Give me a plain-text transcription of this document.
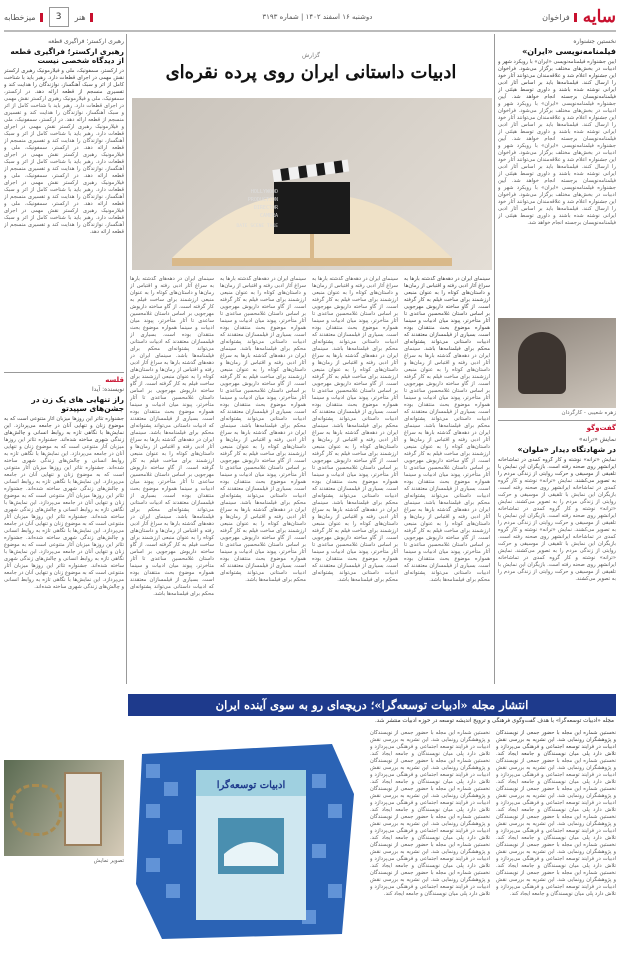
سایه
فراخوان
دوشنبه ۱۶ اسفند ۱۴۰۲ | شماره ۳۱۹۳
هنر
3
میزخطابه
نخستین جشنواره
فیلمنامه‌نویسی «ایران»
آیین جشنواره فیلمنامه‌نویسی «ایران» با رویکرد شهر و ادبیات در بخش‌های مختلف برگزار می‌شود. فراخوان این جشنواره اعلام شد و علاقه‌مندان می‌توانند آثار خود را ارسال کنند. فیلمنامه‌ها باید بر اساس آثار ادبی ایرانی نوشته شده باشند و داوری توسط هیئتی از فیلمنامه‌نویسان برجسته انجام خواهد شد. آیین جشنواره فیلمنامه‌نویسی «ایران» با رویکرد شهر و ادبیات در بخش‌های مختلف برگزار می‌شود. فراخوان این جشنواره اعلام شد و علاقه‌مندان می‌توانند آثار خود را ارسال کنند. فیلمنامه‌ها باید بر اساس آثار ادبی ایرانی نوشته شده باشند و داوری توسط هیئتی از فیلمنامه‌نویسان برجسته انجام خواهد شد. آیین جشنواره فیلمنامه‌نویسی «ایران» با رویکرد شهر و ادبیات در بخش‌های مختلف برگزار می‌شود. فراخوان این جشنواره اعلام شد و علاقه‌مندان می‌توانند آثار خود را ارسال کنند. فیلمنامه‌ها باید بر اساس آثار ادبی ایرانی نوشته شده باشند و داوری توسط هیئتی از فیلمنامه‌نویسان برجسته انجام خواهد شد. آیین جشنواره فیلمنامه‌نویسی «ایران» با رویکرد شهر و ادبیات در بخش‌های مختلف برگزار می‌شود. فراخوان این جشنواره اعلام شد و علاقه‌مندان می‌توانند آثار خود را ارسال کنند. فیلمنامه‌ها باید بر اساس آثار ادبی ایرانی نوشته شده باشند و داوری توسط هیئتی از فیلمنامه‌نویسان برجسته انجام خواهد شد.
زهره شعیبی - کارگردان
گفت‌وگو
نمایش «ترانه»
در شهادتگاه دیدار «ملوان»
نمایش «ترانه» نوشته و کار گروه کمدی در تماشاخانه ایرانشهر روی صحنه رفته است. بازیگران این نمایش با تلفیقی از موسیقی و حرکت روایتی از زندگی مردم را به تصویر می‌کشند. نمایش «ترانه» نوشته و کار گروه کمدی در تماشاخانه ایرانشهر روی صحنه رفته است. بازیگران این نمایش با تلفیقی از موسیقی و حرکت روایتی از زندگی مردم را به تصویر می‌کشند. نمایش «ترانه» نوشته و کار گروه کمدی در تماشاخانه ایرانشهر روی صحنه رفته است. بازیگران این نمایش با تلفیقی از موسیقی و حرکت روایتی از زندگی مردم را به تصویر می‌کشند. نمایش «ترانه» نوشته و کار گروه کمدی در تماشاخانه ایرانشهر روی صحنه رفته است. بازیگران این نمایش با تلفیقی از موسیقی و حرکت روایتی از زندگی مردم را به تصویر می‌کشند. نمایش «ترانه» نوشته و کار گروه کمدی در تماشاخانه ایرانشهر روی صحنه رفته است. بازیگران این نمایش با تلفیقی از موسیقی و حرکت روایتی از زندگی مردم را به تصویر می‌کشند.
رهبری ارکستر؛ فراگیری قطعه
رهبری ارکستر؛ فراگیری قطعه از دیدگاه شخصی نیست
در ارکستر، سمفونیک، ملی و فیلارمونیک رهبری ارکستر نقش مهمی در اجرای قطعات دارد. رهبر باید با شناخت کامل از اثر و سبک آهنگساز، نوازندگان را هدایت کند و تفسیری منسجم از قطعه ارائه دهد. در ارکستر، سمفونیک، ملی و فیلارمونیک رهبری ارکستر نقش مهمی در اجرای قطعات دارد. رهبر باید با شناخت کامل از اثر و سبک آهنگساز، نوازندگان را هدایت کند و تفسیری منسجم از قطعه ارائه دهد. در ارکستر، سمفونیک، ملی و فیلارمونیک رهبری ارکستر نقش مهمی در اجرای قطعات دارد. رهبر باید با شناخت کامل از اثر و سبک آهنگساز، نوازندگان را هدایت کند و تفسیری منسجم از قطعه ارائه دهد. در ارکستر، سمفونیک، ملی و فیلارمونیک رهبری ارکستر نقش مهمی در اجرای قطعات دارد. رهبر باید با شناخت کامل از اثر و سبک آهنگساز، نوازندگان را هدایت کند و تفسیری منسجم از قطعه ارائه دهد. در ارکستر، سمفونیک، ملی و فیلارمونیک رهبری ارکستر نقش مهمی در اجرای قطعات دارد. رهبر باید با شناخت کامل از اثر و سبک آهنگساز، نوازندگان را هدایت کند و تفسیری منسجم از قطعه ارائه دهد. در ارکستر، سمفونیک، ملی و فیلارمونیک رهبری ارکستر نقش مهمی در اجرای قطعات دارد. رهبر باید با شناخت کامل از اثر و سبک آهنگساز، نوازندگان را هدایت کند و تفسیری منسجم از قطعه ارائه دهد.
قلسه
نویسنده: آیدا
راز تنهایی های یک زن در جشن‌های سپیدتو
جشنواره تئاتر این روزها میزبان آثار متنوعی است که به موضوع زنان و تنهایی آنان در جامعه می‌پردازد. این نمایش‌ها با نگاهی تازه به روابط انسانی و چالش‌های زندگی شهری ساخته شده‌اند. جشنواره تئاتر این روزها میزبان آثار متنوعی است که به موضوع زنان و تنهایی آنان در جامعه می‌پردازد. این نمایش‌ها با نگاهی تازه به روابط انسانی و چالش‌های زندگی شهری ساخته شده‌اند. جشنواره تئاتر این روزها میزبان آثار متنوعی است که به موضوع زنان و تنهایی آنان در جامعه می‌پردازد. این نمایش‌ها با نگاهی تازه به روابط انسانی و چالش‌های زندگی شهری ساخته شده‌اند. جشنواره تئاتر این روزها میزبان آثار متنوعی است که به موضوع زنان و تنهایی آنان در جامعه می‌پردازد. این نمایش‌ها با نگاهی تازه به روابط انسانی و چالش‌های زندگی شهری ساخته شده‌اند. جشنواره تئاتر این روزها میزبان آثار متنوعی است که به موضوع زنان و تنهایی آنان در جامعه می‌پردازد. این نمایش‌ها با نگاهی تازه به روابط انسانی و چالش‌های زندگی شهری ساخته شده‌اند. جشنواره تئاتر این روزها میزبان آثار متنوعی است که به موضوع زنان و تنهایی آنان در جامعه می‌پردازد. این نمایش‌ها با نگاهی تازه به روابط انسانی و چالش‌های زندگی شهری ساخته شده‌اند. جشنواره تئاتر این روزها میزبان آثار متنوعی است که به موضوع زنان و تنهایی آنان در جامعه می‌پردازد. این نمایش‌ها با نگاهی تازه به روابط انسانی و چالش‌های زندگی شهری ساخته شده‌اند.
تصویر نمایش
گزارش
ادبیات داستانی ایران روی پرده نقره‌ای
HOLLYWOOD
PRODUCTION
DIRECTOR
CAMERA
DATE SCENE TAKE
سینمای ایران در دهه‌های گذشته بارها به سراغ آثار ادبی رفته و اقتباس از رمان‌ها و داستان‌های کوتاه را به عنوان منبعی ارزشمند برای ساخت فیلم به کار گرفته است. از گاو ساخته داریوش مهرجویی بر اساس داستان غلامحسین ساعدی تا آثار متأخرتر، پیوند میان ادبیات و سینما همواره موضوع بحث منتقدان بوده است. بسیاری از فیلمسازان معتقدند که ادبیات داستانی می‌تواند پشتوانه‌ای محکم برای فیلمنامه‌ها باشد. سینمای ایران در دهه‌های گذشته بارها به سراغ آثار ادبی رفته و اقتباس از رمان‌ها و داستان‌های کوتاه را به عنوان منبعی ارزشمند برای ساخت فیلم به کار گرفته است. از گاو ساخته داریوش مهرجویی بر اساس داستان غلامحسین ساعدی تا آثار متأخرتر، پیوند میان ادبیات و سینما همواره موضوع بحث منتقدان بوده است. بسیاری از فیلمسازان معتقدند که ادبیات داستانی می‌تواند پشتوانه‌ای محکم برای فیلمنامه‌ها باشد. سینمای ایران در دهه‌های گذشته بارها به سراغ آثار ادبی رفته و اقتباس از رمان‌ها و داستان‌های کوتاه را به عنوان منبعی ارزشمند برای ساخت فیلم به کار گرفته است. از گاو ساخته داریوش مهرجویی بر اساس داستان غلامحسین ساعدی تا آثار متأخرتر، پیوند میان ادبیات و سینما همواره موضوع بحث منتقدان بوده است. بسیاری از فیلمسازان معتقدند که ادبیات داستانی می‌تواند پشتوانه‌ای محکم برای فیلمنامه‌ها باشد. سینمای ایران در دهه‌های گذشته بارها به سراغ آثار ادبی رفته و اقتباس از رمان‌ها و داستان‌های کوتاه را به عنوان منبعی ارزشمند برای ساخت فیلم به کار گرفته است. از گاو ساخته داریوش مهرجویی بر اساس داستان غلامحسین ساعدی تا آثار متأخرتر، پیوند میان ادبیات و سینما همواره موضوع بحث منتقدان بوده است. بسیاری از فیلمسازان معتقدند که ادبیات داستانی می‌تواند پشتوانه‌ای محکم برای فیلمنامه‌ها باشد.
سینمای ایران در دهه‌های گذشته بارها به سراغ آثار ادبی رفته و اقتباس از رمان‌ها و داستان‌های کوتاه را به عنوان منبعی ارزشمند برای ساخت فیلم به کار گرفته است. از گاو ساخته داریوش مهرجویی بر اساس داستان غلامحسین ساعدی تا آثار متأخرتر، پیوند میان ادبیات و سینما همواره موضوع بحث منتقدان بوده است. بسیاری از فیلمسازان معتقدند که ادبیات داستانی می‌تواند پشتوانه‌ای محکم برای فیلمنامه‌ها باشد. سینمای ایران در دهه‌های گذشته بارها به سراغ آثار ادبی رفته و اقتباس از رمان‌ها و داستان‌های کوتاه را به عنوان منبعی ارزشمند برای ساخت فیلم به کار گرفته است. از گاو ساخته داریوش مهرجویی بر اساس داستان غلامحسین ساعدی تا آثار متأخرتر، پیوند میان ادبیات و سینما همواره موضوع بحث منتقدان بوده است. بسیاری از فیلمسازان معتقدند که ادبیات داستانی می‌تواند پشتوانه‌ای محکم برای فیلمنامه‌ها باشد. سینمای ایران در دهه‌های گذشته بارها به سراغ آثار ادبی رفته و اقتباس از رمان‌ها و داستان‌های کوتاه را به عنوان منبعی ارزشمند برای ساخت فیلم به کار گرفته است. از گاو ساخته داریوش مهرجویی بر اساس داستان غلامحسین ساعدی تا آثار متأخرتر، پیوند میان ادبیات و سینما همواره موضوع بحث منتقدان بوده است. بسیاری از فیلمسازان معتقدند که ادبیات داستانی می‌تواند پشتوانه‌ای محکم برای فیلمنامه‌ها باشد. سینمای ایران در دهه‌های گذشته بارها به سراغ آثار ادبی رفته و اقتباس از رمان‌ها و داستان‌های کوتاه را به عنوان منبعی ارزشمند برای ساخت فیلم به کار گرفته است. از گاو ساخته داریوش مهرجویی بر اساس داستان غلامحسین ساعدی تا آثار متأخرتر، پیوند میان ادبیات و سینما همواره موضوع بحث منتقدان بوده است. بسیاری از فیلمسازان معتقدند که ادبیات داستانی می‌تواند پشتوانه‌ای محکم برای فیلمنامه‌ها باشد.
سینمای ایران در دهه‌های گذشته بارها به سراغ آثار ادبی رفته و اقتباس از رمان‌ها و داستان‌های کوتاه را به عنوان منبعی ارزشمند برای ساخت فیلم به کار گرفته است. از گاو ساخته داریوش مهرجویی بر اساس داستان غلامحسین ساعدی تا آثار متأخرتر، پیوند میان ادبیات و سینما همواره موضوع بحث منتقدان بوده است. بسیاری از فیلمسازان معتقدند که ادبیات داستانی می‌تواند پشتوانه‌ای محکم برای فیلمنامه‌ها باشد. سینمای ایران در دهه‌های گذشته بارها به سراغ آثار ادبی رفته و اقتباس از رمان‌ها و داستان‌های کوتاه را به عنوان منبعی ارزشمند برای ساخت فیلم به کار گرفته است. از گاو ساخته داریوش مهرجویی بر اساس داستان غلامحسین ساعدی تا آثار متأخرتر، پیوند میان ادبیات و سینما همواره موضوع بحث منتقدان بوده است. بسیاری از فیلمسازان معتقدند که ادبیات داستانی می‌تواند پشتوانه‌ای محکم برای فیلمنامه‌ها باشد. سینمای ایران در دهه‌های گذشته بارها به سراغ آثار ادبی رفته و اقتباس از رمان‌ها و داستان‌های کوتاه را به عنوان منبعی ارزشمند برای ساخت فیلم به کار گرفته است. از گاو ساخته داریوش مهرجویی بر اساس داستان غلامحسین ساعدی تا آثار متأخرتر، پیوند میان ادبیات و سینما همواره موضوع بحث منتقدان بوده است. بسیاری از فیلمسازان معتقدند که ادبیات داستانی می‌تواند پشتوانه‌ای محکم برای فیلمنامه‌ها باشد. سینمای ایران در دهه‌های گذشته بارها به سراغ آثار ادبی رفته و اقتباس از رمان‌ها و داستان‌های کوتاه را به عنوان منبعی ارزشمند برای ساخت فیلم به کار گرفته است. از گاو ساخته داریوش مهرجویی بر اساس داستان غلامحسین ساعدی تا آثار متأخرتر، پیوند میان ادبیات و سینما همواره موضوع بحث منتقدان بوده است. بسیاری از فیلمسازان معتقدند که ادبیات داستانی می‌تواند پشتوانه‌ای محکم برای فیلمنامه‌ها باشد.
سینمای ایران در دهه‌های گذشته بارها به سراغ آثار ادبی رفته و اقتباس از رمان‌ها و داستان‌های کوتاه را به عنوان منبعی ارزشمند برای ساخت فیلم به کار گرفته است. از گاو ساخته داریوش مهرجویی بر اساس داستان غلامحسین ساعدی تا آثار متأخرتر، پیوند میان ادبیات و سینما همواره موضوع بحث منتقدان بوده است. بسیاری از فیلمسازان معتقدند که ادبیات داستانی می‌تواند پشتوانه‌ای محکم برای فیلمنامه‌ها باشد. سینمای ایران در دهه‌های گذشته بارها به سراغ آثار ادبی رفته و اقتباس از رمان‌ها و داستان‌های کوتاه را به عنوان منبعی ارزشمند برای ساخت فیلم به کار گرفته است. از گاو ساخته داریوش مهرجویی بر اساس داستان غلامحسین ساعدی تا آثار متأخرتر، پیوند میان ادبیات و سینما همواره موضوع بحث منتقدان بوده است. بسیاری از فیلمسازان معتقدند که ادبیات داستانی می‌تواند پشتوانه‌ای محکم برای فیلمنامه‌ها باشد. سینمای ایران در دهه‌های گذشته بارها به سراغ آثار ادبی رفته و اقتباس از رمان‌ها و داستان‌های کوتاه را به عنوان منبعی ارزشمند برای ساخت فیلم به کار گرفته است. از گاو ساخته داریوش مهرجویی بر اساس داستان غلامحسین ساعدی تا آثار متأخرتر، پیوند میان ادبیات و سینما همواره موضوع بحث منتقدان بوده است. بسیاری از فیلمسازان معتقدند که ادبیات داستانی می‌تواند پشتوانه‌ای محکم برای فیلمنامه‌ها باشد. سینمای ایران در دهه‌های گذشته بارها به سراغ آثار ادبی رفته و اقتباس از رمان‌ها و داستان‌های کوتاه را به عنوان منبعی ارزشمند برای ساخت فیلم به کار گرفته است. از گاو ساخته داریوش مهرجویی بر اساس داستان غلامحسین ساعدی تا آثار متأخرتر، پیوند میان ادبیات و سینما همواره موضوع بحث منتقدان بوده است. بسیاری از فیلمسازان معتقدند که ادبیات داستانی می‌تواند پشتوانه‌ای محکم برای فیلمنامه‌ها باشد.
انتشار مجله «ادبیات توسعه‌گرا»؛ دریچه‌ای رو به سوی آینده ایران
مجله «ادبیات توسعه‌گرا» با هدف گفت‌وگوی فرهنگی و ترویج اندیشه توسعه در حوزه ادبیات منتشر شد.
ادبیات توسعه‌گرا
نخستین شماره این مجله با حضور جمعی از نویسندگان و پژوهشگران رونمایی شد. این نشریه به بررسی نقش ادبیات در فرایند توسعه اجتماعی و فرهنگی می‌پردازد و تلاش دارد پلی میان نویسندگان و جامعه ایجاد کند. نخستین شماره این مجله با حضور جمعی از نویسندگان و پژوهشگران رونمایی شد. این نشریه به بررسی نقش ادبیات در فرایند توسعه اجتماعی و فرهنگی می‌پردازد و تلاش دارد پلی میان نویسندگان و جامعه ایجاد کند. نخستین شماره این مجله با حضور جمعی از نویسندگان و پژوهشگران رونمایی شد. این نشریه به بررسی نقش ادبیات در فرایند توسعه اجتماعی و فرهنگی می‌پردازد و تلاش دارد پلی میان نویسندگان و جامعه ایجاد کند. نخستین شماره این مجله با حضور جمعی از نویسندگان و پژوهشگران رونمایی شد. این نشریه به بررسی نقش ادبیات در فرایند توسعه اجتماعی و فرهنگی می‌پردازد و تلاش دارد پلی میان نویسندگان و جامعه ایجاد کند. نخستین شماره این مجله با حضور جمعی از نویسندگان و پژوهشگران رونمایی شد. این نشریه به بررسی نقش ادبیات در فرایند توسعه اجتماعی و فرهنگی می‌پردازد و تلاش دارد پلی میان نویسندگان و جامعه ایجاد کند. نخستین شماره این مجله با حضور جمعی از نویسندگان و پژوهشگران رونمایی شد. این نشریه به بررسی نقش ادبیات در فرایند توسعه اجتماعی و فرهنگی می‌پردازد و تلاش دارد پلی میان نویسندگان و جامعه ایجاد کند.
نخستین شماره این مجله با حضور جمعی از نویسندگان و پژوهشگران رونمایی شد. این نشریه به بررسی نقش ادبیات در فرایند توسعه اجتماعی و فرهنگی می‌پردازد و تلاش دارد پلی میان نویسندگان و جامعه ایجاد کند. نخستین شماره این مجله با حضور جمعی از نویسندگان و پژوهشگران رونمایی شد. این نشریه به بررسی نقش ادبیات در فرایند توسعه اجتماعی و فرهنگی می‌پردازد و تلاش دارد پلی میان نویسندگان و جامعه ایجاد کند. نخستین شماره این مجله با حضور جمعی از نویسندگان و پژوهشگران رونمایی شد. این نشریه به بررسی نقش ادبیات در فرایند توسعه اجتماعی و فرهنگی می‌پردازد و تلاش دارد پلی میان نویسندگان و جامعه ایجاد کند. نخستین شماره این مجله با حضور جمعی از نویسندگان و پژوهشگران رونمایی شد. این نشریه به بررسی نقش ادبیات در فرایند توسعه اجتماعی و فرهنگی می‌پردازد و تلاش دارد پلی میان نویسندگان و جامعه ایجاد کند. نخستین شماره این مجله با حضور جمعی از نویسندگان و پژوهشگران رونمایی شد. این نشریه به بررسی نقش ادبیات در فرایند توسعه اجتماعی و فرهنگی می‌پردازد و تلاش دارد پلی میان نویسندگان و جامعه ایجاد کند. نخستین شماره این مجله با حضور جمعی از نویسندگان و پژوهشگران رونمایی شد. این نشریه به بررسی نقش ادبیات در فرایند توسعه اجتماعی و فرهنگی می‌پردازد و تلاش دارد پلی میان نویسندگان و جامعه ایجاد کند.
